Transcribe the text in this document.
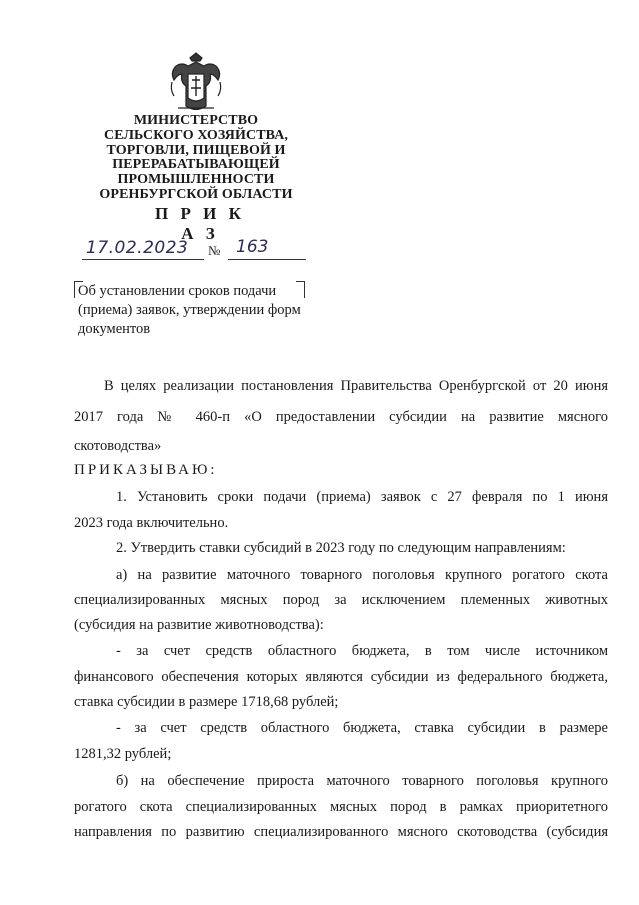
МИНИСТЕРСТВО
СЕЛЬСКОГО ХОЗЯЙСТВА,
ТОРГОВЛИ, ПИЩЕВОЙ И
ПЕРЕРАБАТЫВАЮЩЕЙ
ПРОМЫШЛЕННОСТИ
ОРЕНБУРГСКОЙ ОБЛАСТИ
П Р И К А З
17.02.2023	№ 163
Об установлении сроков подачи
(приема) заявок, утверждении форм
документов
В целях реализации постановления Правительства Оренбургской от 20 июня
2017 года № 460-п «О предоставлении субсидии на развитие мясного
скотоводства»
ПРИКАЗЫВАЮ:
1. Установить сроки подачи (приема) заявок с 27 февраля по 1 июня
2023 года включительно.
2. Утвердить ставки субсидий в 2023 году по следующим направлениям:
а) на развитие маточного товарного поголовья крупного рогатого скота
специализированных мясных пород за исключением племенных животных
(субсидия на развитие животноводства):
- за счет средств областного бюджета, в том числе источником
финансового обеспечения которых являются субсидии из федерального бюджета,
ставка субсидии в размере 1718,68 рублей;
- за счет средств областного бюджета, ставка субсидии в размере
1281,32 рублей;
б) на обеспечение прироста маточного товарного поголовья крупного
рогатого скота специализированных мясных пород в рамках приоритетного
направления по развитию специализированного мясного скотоводства (субсидия
